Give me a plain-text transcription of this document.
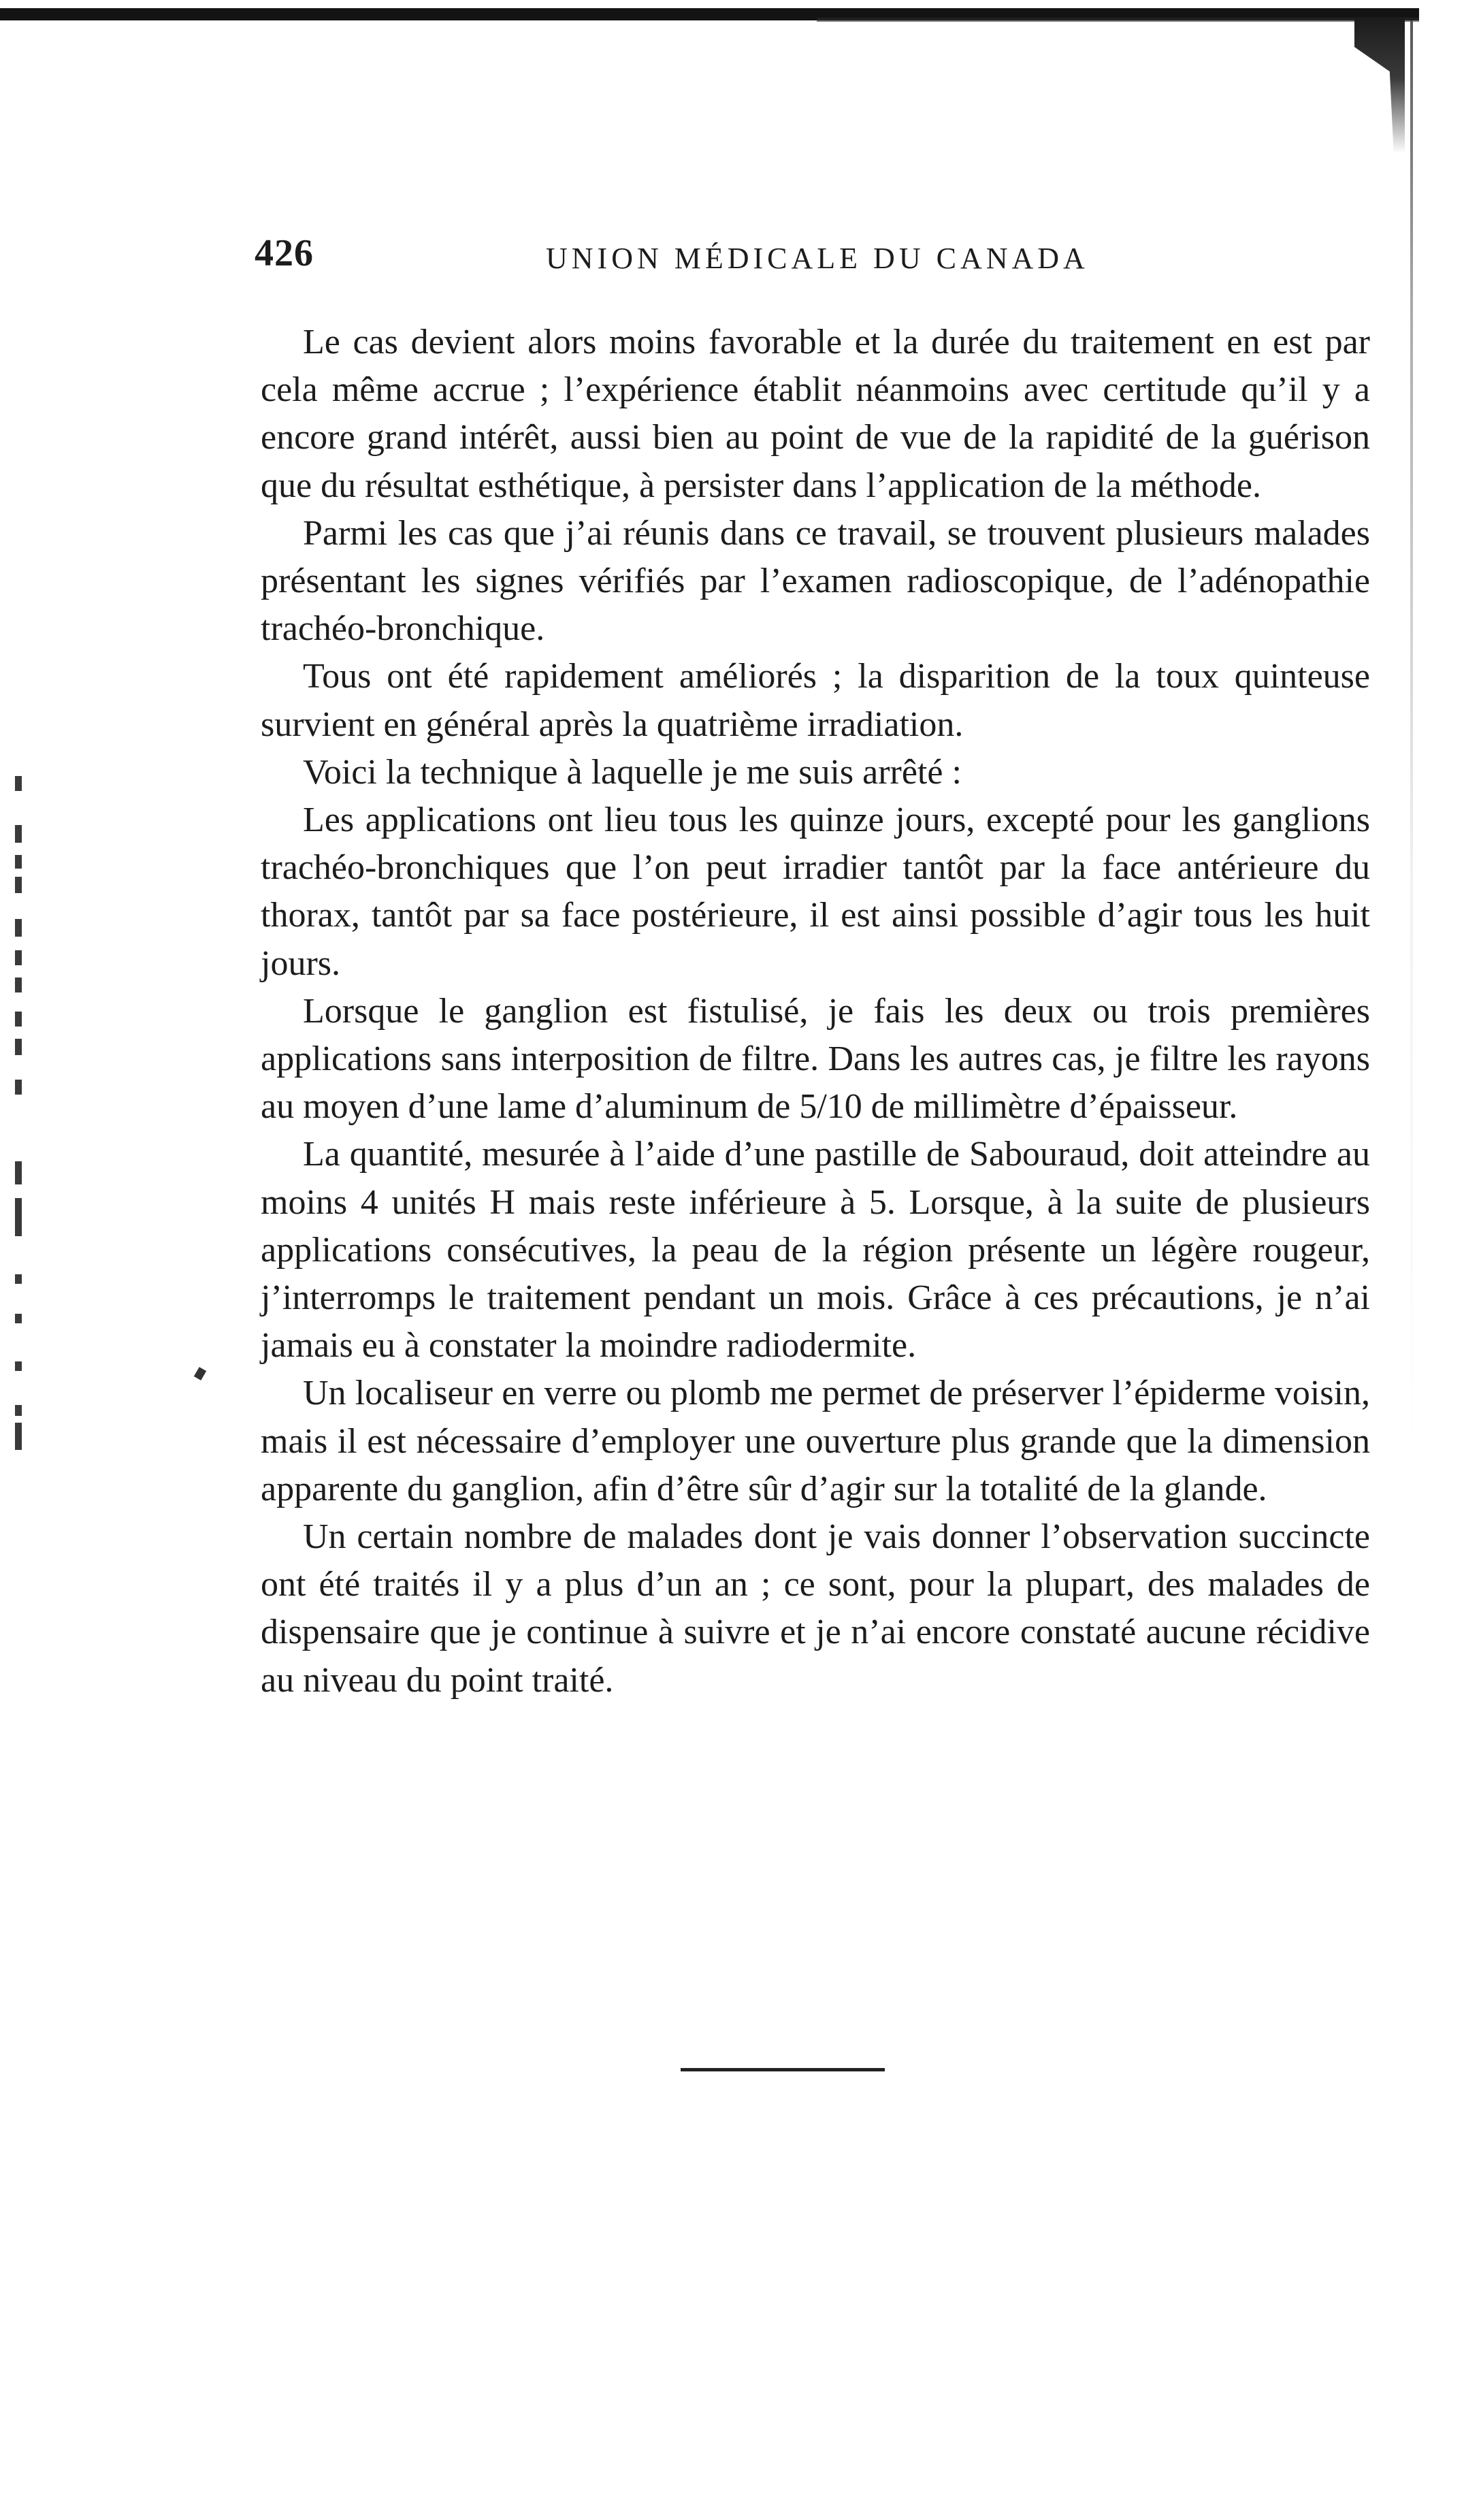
426	UNION MÉDICALE DU CANADA

Le cas devient alors moins favorable et la durée du traitement en est par cela même accrue ; l’expérience établit néanmoins avec certitude qu’il y a encore grand intérêt, aussi bien au point de vue de la rapidité de la guérison que du résultat esthétique, à persister dans l’application de la méthode.

Parmi les cas que j’ai réunis dans ce travail, se trouvent plusieurs malades présentant les signes vérifiés par l’examen radioscopique, de l’adénopathie trachéo-bronchique.

Tous ont été rapidement améliorés ; la disparition de la toux quinteuse survient en général après la quatrième irradiation.

Voici la technique à laquelle je me suis arrêté :

Les applications ont lieu tous les quinze jours, excepté pour les ganglions trachéo-bronchiques que l’on peut irradier tantôt par la face antérieure du thorax, tantôt par sa face postérieure, il est ainsi possible d’agir tous les huit jours.

Lorsque le ganglion est fistulisé, je fais les deux ou trois premières applications sans interposition de filtre. Dans les autres cas, je filtre les rayons au moyen d’une lame d’aluminum de 5/10 de millimètre d’épaisseur.

La quantité, mesurée à l’aide d’une pastille de Sabouraud, doit atteindre au moins 4 unités H mais reste inférieure à 5. Lorsque, à la suite de plusieurs applications consécutives, la peau de la région présente un légère rougeur, j’interromps le traitement pendant un mois. Grâce à ces précautions, je n’ai jamais eu à constater la moindre radiodermite.

Un localiseur en verre ou plomb me permet de préserver l’épiderme voisin, mais il est nécessaire d’employer une ouverture plus grande que la dimension apparente du ganglion, afin d’être sûr d’agir sur la totalité de la glande.

Un certain nombre de malades dont je vais donner l’observation succincte ont été traités il y a plus d’un an ; ce sont, pour la plupart, des malades de dispensaire que je continue à suivre et je n’ai encore constaté aucune récidive au niveau du point traité.
